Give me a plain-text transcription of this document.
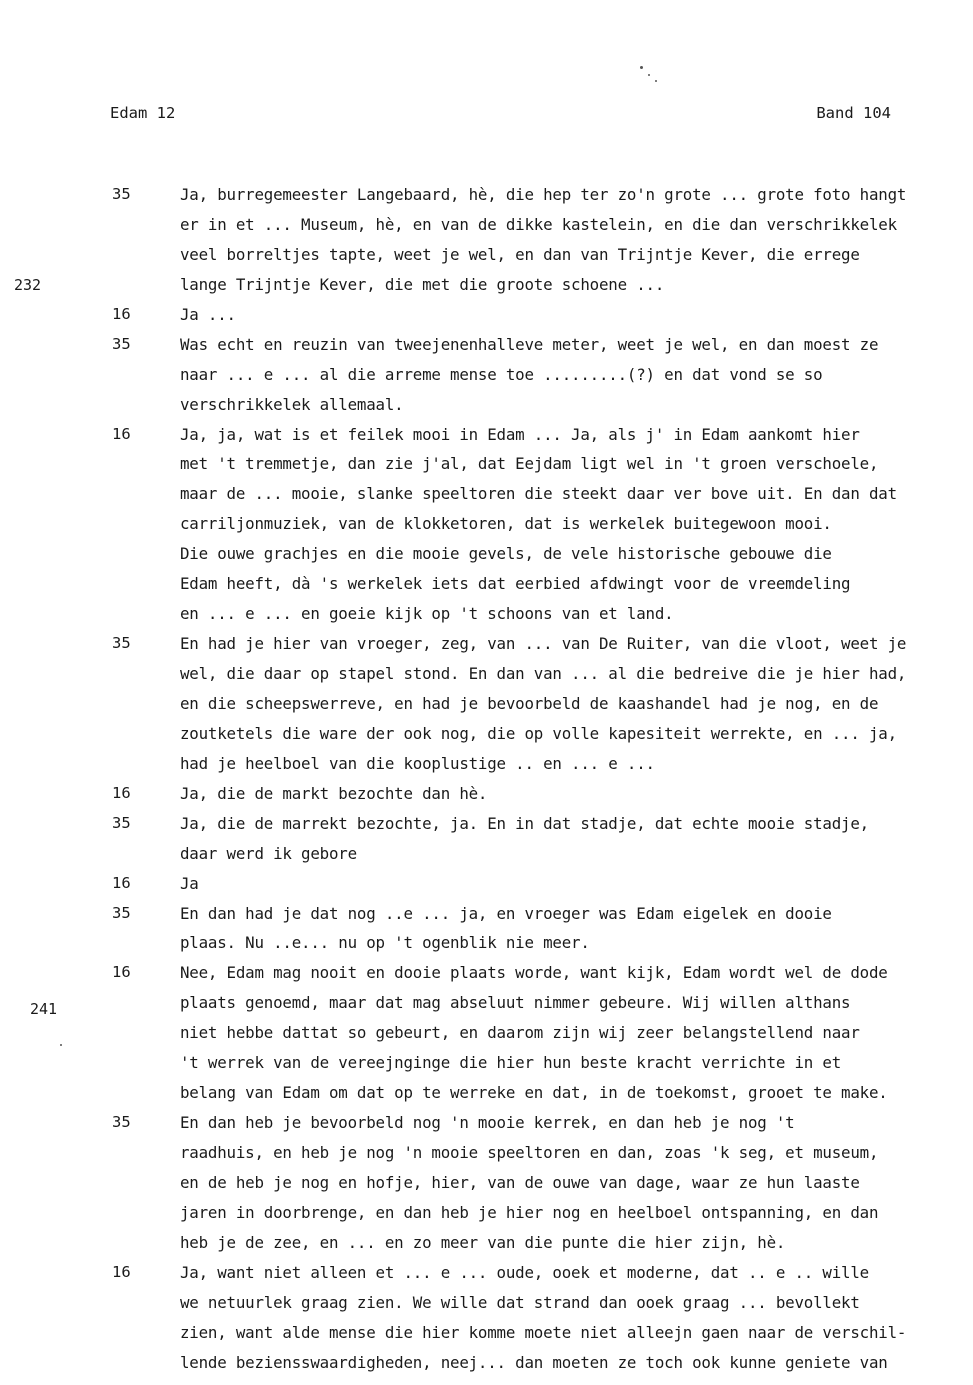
Edam 12	Band 104
232
241
35	Ja, burregemeester Langebaard, hè, die hep ter zo'n grote ... grote foto hangt
er in et ... Museum, hè, en van de dikke kastelein, en die dan verschrikkelek
veel borreltjes tapte, weet je wel, en dan van Trijntje Kever, die errege
lange Trijntje Kever, die met die groote schoene ...
16	Ja ...
35	Was echt en reuzin van tweejenenhalleve meter, weet je wel, en dan moest ze
naar ... e ... al die arreme mense toe .........(?) en dat vond se so
verschrikkelek allemaal.
16	Ja, ja, wat is et feilek mooi in Edam ... Ja, als j' in Edam aankomt hier
met 't tremmetje, dan zie j'al, dat Eejdam ligt wel in 't groen verschoele,
maar de ... mooie, slanke speeltoren die steekt daar ver bove uit. En dan dat
carriljonmuziek, van de klokketoren, dat is werkelek buitegewoon mooi.
Die ouwe grachjes en die mooie gevels, de vele historische gebouwe die
Edam heeft, dà 's werkelek iets dat eerbied afdwingt voor de vreemdeling
en ... e ... en goeie kijk op 't schoons van et land.
35	En had je hier van vroeger, zeg, van ... van De Ruiter, van die vloot, weet je
wel, die daar op stapel stond. En dan van ... al die bedreive die je hier had,
en die scheepswerreve, en had je bevoorbeld de kaashandel had je nog, en de
zoutketels die ware der ook nog, die op volle kapesiteit werrekte, en ... ja,
had je heelboel van die kooplustige .. en ... e ...
16	Ja, die de markt bezochte dan hè.
35	Ja, die de marrekt bezochte, ja. En in dat stadje, dat echte mooie stadje,
daar werd ik gebore
16	Ja
35	En dan had je dat nog ..e ... ja, en vroeger was Edam eigelek en dooie
plaas. Nu ..e... nu op 't ogenblik nie meer.
16	Nee, Edam mag nooit en dooie plaats worde, want kijk, Edam wordt wel de dode
plaats genoemd, maar dat mag abseluut nimmer gebeure. Wij willen althans
niet hebbe dattat so gebeurt, en daarom zijn wij zeer belangstellend naar
't werrek van de vereejnginge die hier hun beste kracht verrichte in et
belang van Edam om dat op te werreke en dat, in de toekomst, grooet te make.
35	En dan heb je bevoorbeld nog 'n mooie kerrek, en dan heb je nog 't
raadhuis, en heb je nog 'n mooie speeltoren en dan, zoas 'k seg, et museum,
en de heb je nog en hofje, hier, van de ouwe van dage, waar ze hun laaste
jaren in doorbrenge, en dan heb je hier nog en heelboel ontspanning, en dan
heb je de zee, en ... en zo meer van die punte die hier zijn, hè.
16	Ja, want niet alleen et ... e ... oude, ooek et moderne, dat .. e .. wille
we netuurlek graag zien. We wille dat strand dan ooek graag ... bevollekt
zien, want alde mense die hier komme moete niet alleejn gaen naar de verschil-
lende beziensswaardigheden, neej... dan moeten ze toch ook kunne geniete van
